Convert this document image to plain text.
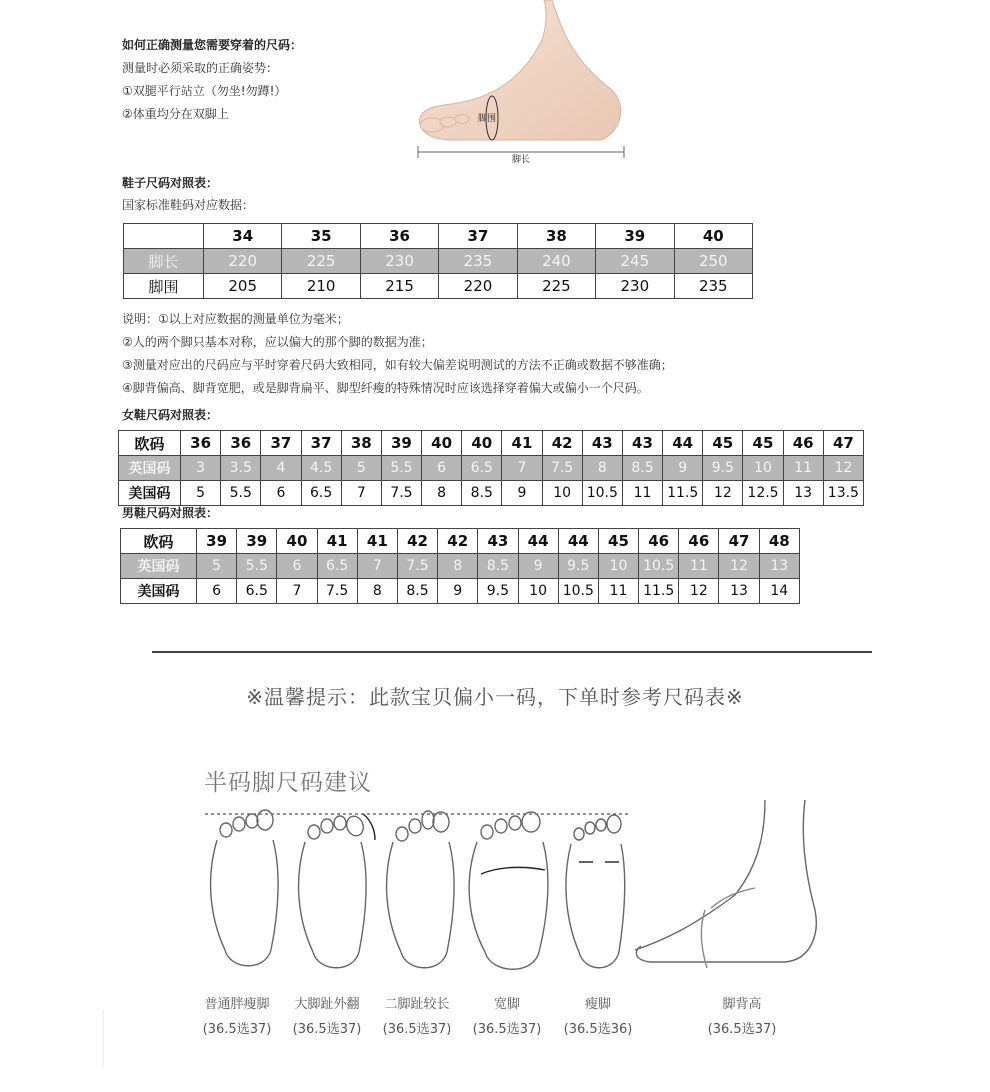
如何正确测量您需要穿着的尺码：
测量时必须采取的正确姿势：
①双腿平行站立（勿坐!勿蹲!）
②体重均分在双脚上	脚围
脚长
鞋子尺码对照表：
国家标准鞋码对应数据：
	34	35	36	37	38	39	40
脚长	220	225	230	235	240	245	250
脚围	205	210	215	220	225	230	235
说明：①以上对应数据的测量单位为毫米；
②人的两个脚只基本对称，应以偏大的那个脚的数据为准；
③测量对应出的尺码应与平时穿着尺码大致相同，如有较大偏差说明测试的方法不正确或数据不够准确；
④脚背偏高、脚背宽肥，或是脚背扁平、脚型纤瘦的特殊情况时应该选择穿着偏大或偏小一个尺码。
女鞋尺码对照表：
欧码	36	36	37	37	38	39	40	40	41	42	43	43	44	45	45	46	47
英国码	3	3.5	4	4.5	5	5.5	6	6.5	7	7.5	8	8.5	9	9.5	10	11	12
美国码	5	5.5	6	6.5	7	7.5	8	8.5	9	10	10.5	11	11.5	12	12.5	13	13.5
男鞋尺码对照表：
欧码	39	39	40	41	41	42	42	43	44	44	45	46	46	47	48
英国码	5	5.5	6	6.5	7	7.5	8	8.5	9	9.5	10	10.5	11	12	13
美国码	6	6.5	7	7.5	8	8.5	9	9.5	10	10.5	11	11.5	12	13	14
※温馨提示：此款宝贝偏小一码，下单时参考尺码表※
半码脚尺码建议
普通胖瘦脚
(36.5选37)
大脚趾外翻
(36.5选37)
二脚趾较长
(36.5选37)
宽脚
(36.5选37)
瘦脚
(36.5选36)
脚背高
(36.5选37)
